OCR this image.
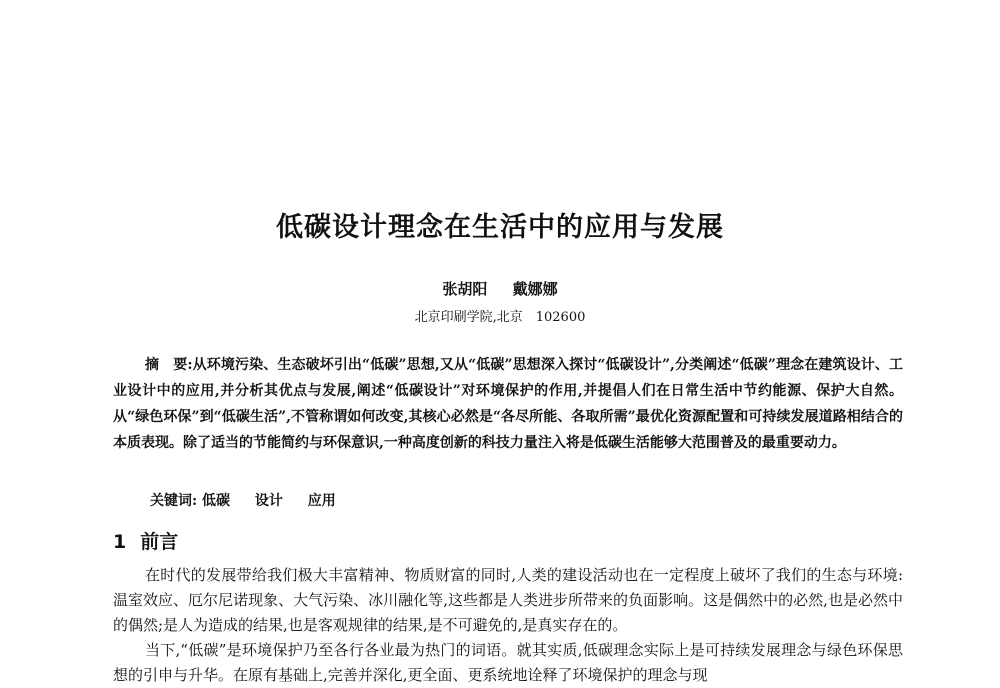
低碳设计理念在生活中的应用与发展
张胡阳 戴娜娜
北京印刷学院,北京　102600
摘　要:从环境污染、生态破坏引出“低碳”思想,又从“低碳”思想深入探讨“低碳设计”,分类阐述“低碳”理念在建筑设计、工业设计中的应用,并分析其优点与发展,阐述“低碳设计”对环境保护的作用,并提倡人们在日常生活中节约能源、保护大自然。从“绿色环保”到“低碳生活”,不管称谓如何改变,其核心必然是“各尽所能、各取所需”最优化资源配置和可持续发展道路相结合的本质表现。除了适当的节能简约与环保意识,一种高度创新的科技力量注入将是低碳生活能够大范围普及的最重要动力。
关键词: 低碳 设计 应用
1 前言

在时代的发展带给我们极大丰富精神、物质财富的同时,人类的建设活动也在一定程度上破坏了我们的生态与环境:温室效应、厄尔尼诺现象、大气污染、冰川融化等,这些都是人类进步所带来的负面影响。这是偶然中的必然,也是必然中的偶然;是人为造成的结果,也是客观规律的结果,是不可避免的,是真实存在的。

当下,“低碳”是环境保护乃至各行各业最为热门的词语。就其实质,低碳理念实际上是可持续发展理念与绿色环保思想的引申与升华。在原有基础上,完善并深化,更全面、更系统地诠释了环境保护的理念与现
